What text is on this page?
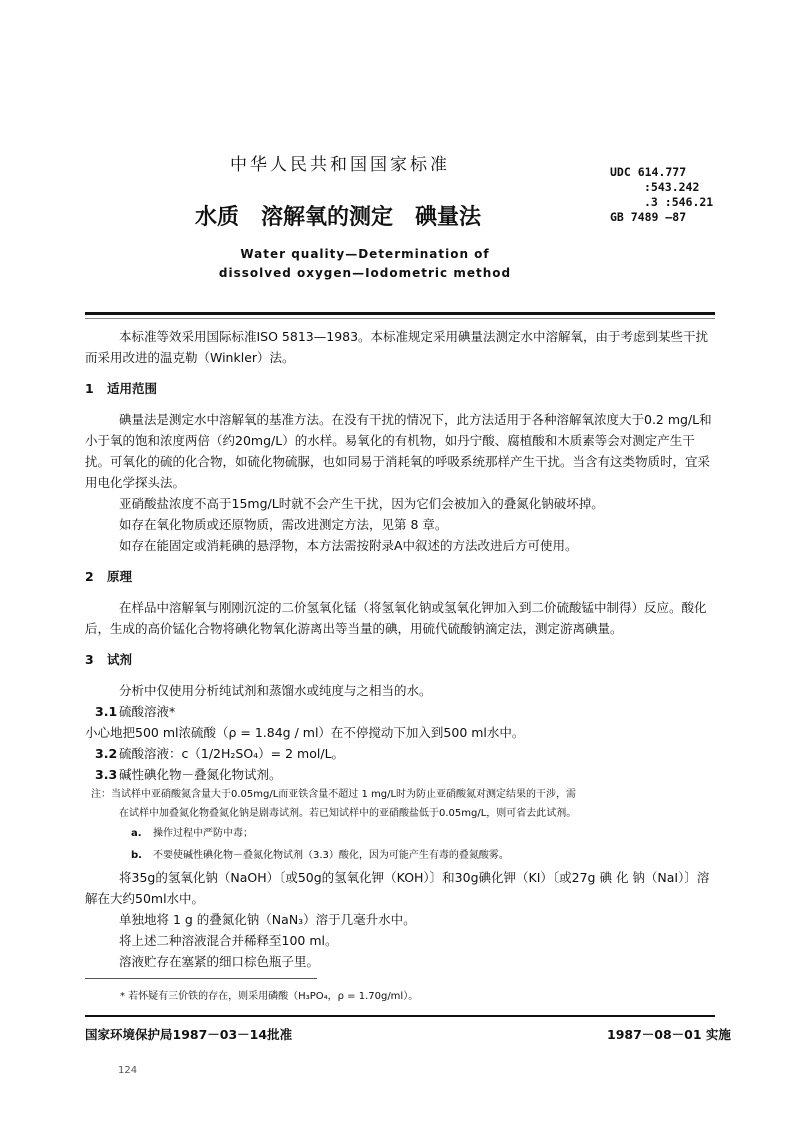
中华人民共和国国家标准	UDC 614.777
:543.242
.3 :546.21
GB 7489 —87
水质　溶解氧的测定　碘量法
Water quality—Determination of
dissolved oxygen—Iodometric method

本标准等效采用国际标准ISO 5813—1983。本标准规定采用碘量法测定水中溶解氧，由于考虑到某些干扰而采用改进的温克勒（Winkler）法。

1 适用范围

碘量法是测定水中溶解氧的基准方法。在没有干扰的情况下，此方法适用于各种溶解氧浓度大于0.2 mg/L和小于氧的饱和浓度两倍（约20mg/L）的水样。易氧化的有机物，如丹宁酸、腐植酸和木质素等会对测定产生干扰。可氧化的硫的化合物，如硫化物硫脲，也如同易于消耗氧的呼吸系统那样产生干扰。当含有这类物质时，宜采用电化学探头法。

亚硝酸盐浓度不高于15mg/L时就不会产生干扰，因为它们会被加入的叠氮化钠破坏掉。

如存在氧化物质或还原物质，需改进测定方法，见第 8 章。

如存在能固定或消耗碘的悬浮物，本方法需按附录A中叙述的方法改进后方可使用。

2 原理

在样品中溶解氧与刚刚沉淀的二价氢氧化锰（将氢氧化钠或氢氧化钾加入到二价硫酸锰中制得）反应。酸化后，生成的高价锰化合物将碘化物氧化游离出等当量的碘，用硫代硫酸钠滴定法，测定游离碘量。

3 试剂

分析中仅使用分析纯试剂和蒸馏水或纯度与之相当的水。

3.1 硫酸溶液*

小心地把500 ml浓硫酸（ρ = 1.84g / ml）在不停搅动下加入到500 ml水中。

3.2 硫酸溶液：c（1/2H₂SO₄）= 2 mol/L。
3.3 碱性碘化物－叠氮化物试剂。
注：当试样中亚硝酸氮含量大于0.05mg/L而亚铁含量不超过 1 mg/L时为防止亚硝酸氮对测定结果的干涉，需
在试样中加叠氮化物叠氮化钠是剧毒试剂。若已知试样中的亚硝酸盐低于0.05mg/L，则可省去此试剂。
a. 操作过程中严防中毒；
b. 不要使碱性碘化物－叠氮化物试剂（3.3）酸化，因为可能产生有毒的叠氮酸雾。

将35g的氢氧化钠（NaOH）〔或50g的氢氧化钾（KOH）〕和30g碘化钾（KI）〔或27g 碘 化 钠（NaI）〕溶解在大约50ml水中。

单独地将 1 g 的叠氮化钠（NaN₃）溶于几毫升水中。

将上述二种溶液混合并稀释至100 ml。

溶液贮存在塞紧的细口棕色瓶子里。

* 若怀疑有三价铁的存在，则采用磷酸（H₃PO₄，ρ = 1.70g/ml）。
国家环境保护局1987－03－14批准	1987－08－01 实施
124
